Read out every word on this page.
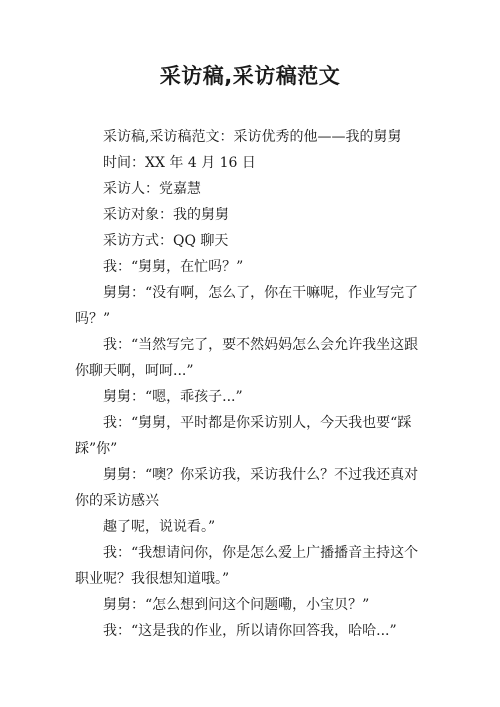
采访稿,采访稿范文

　　采访稿,采访稿范文：采访优秀的他——我的舅舅

　　时间：XX 年 4 月 16 日

　　采访人：党嘉慧

　　采访对象：我的舅舅

　　采访方式：QQ 聊天

　　我：“舅舅，在忙吗？”

　　舅舅：“没有啊，怎么了，你在干嘛呢，作业写完了吗？”

　　我：“当然写完了，要不然妈妈怎么会允许我坐这跟你聊天啊，呵呵...”

　　舅舅：“嗯，乖孩子...”

　　我：“舅舅，平时都是你采访别人，今天我也要“踩踩”你”

　　舅舅：“噢？你采访我，采访我什么？不过我还真对你的采访感兴

　　趣了呢，说说看。”

　　我：“我想请问你，你是怎么爱上广播播音主持这个职业呢？我很想知道哦。”

　　舅舅：“怎么想到问这个问题嘞，小宝贝？”

　　我：“这是我的作业，所以请你回答我，哈哈...”
